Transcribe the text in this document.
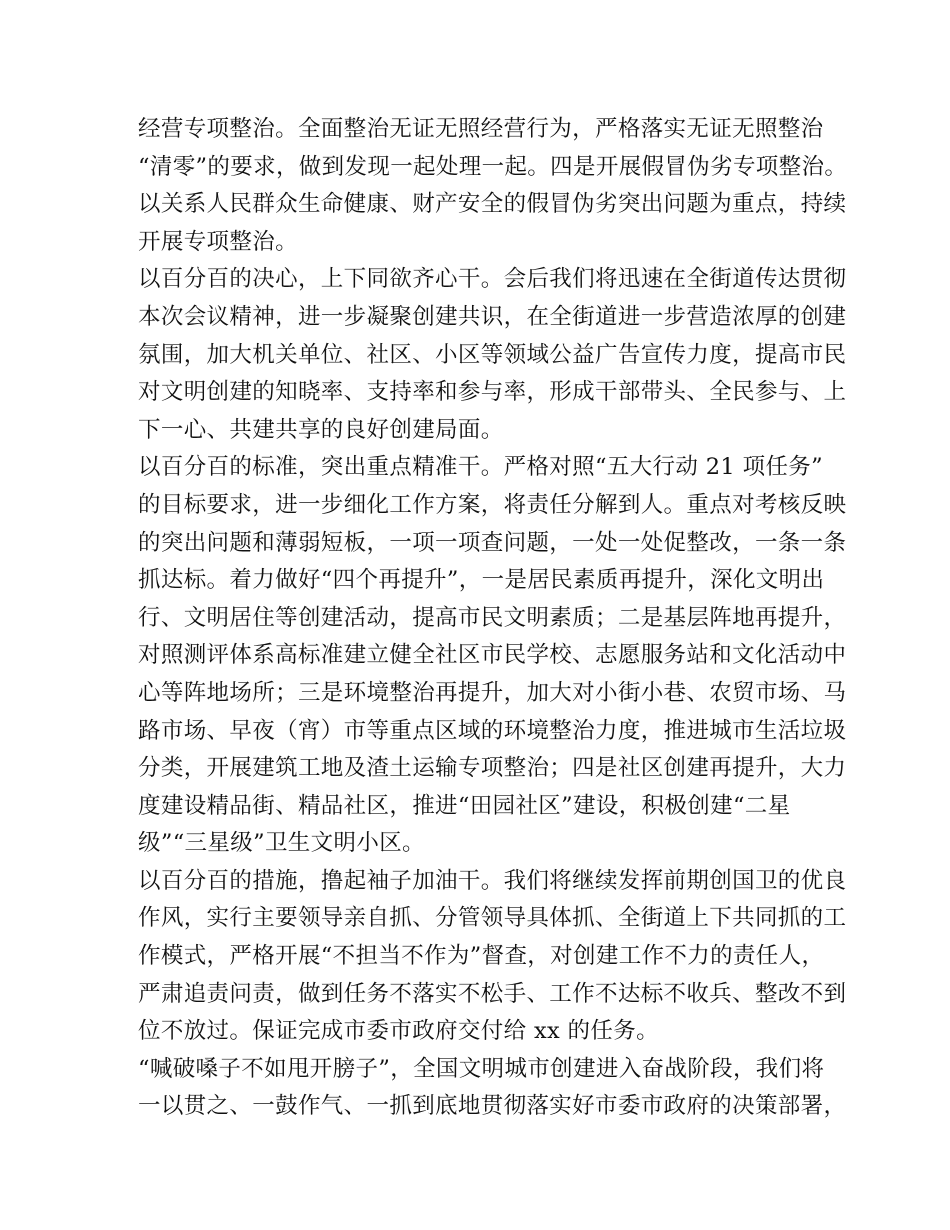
经营专项整治。全面整治无证无照经营行为，严格落实无证无照整治
“清零”的要求，做到发现一起处理一起。四是开展假冒伪劣专项整治。
以关系人民群众生命健康、财产安全的假冒伪劣突出问题为重点，持续
开展专项整治。
以百分百的决心，上下同欲齐心干。会后我们将迅速在全街道传达贯彻
本次会议精神，进一步凝聚创建共识，在全街道进一步营造浓厚的创建
氛围，加大机关单位、社区、小区等领域公益广告宣传力度，提高市民
对文明创建的知晓率、支持率和参与率，形成干部带头、全民参与、上
下一心、共建共享的良好创建局面。
以百分百的标准，突出重点精准干。严格对照“五大行动 21 项任务”
的目标要求，进一步细化工作方案，将责任分解到人。重点对考核反映
的突出问题和薄弱短板，一项一项查问题，一处一处促整改，一条一条
抓达标。着力做好“四个再提升”，一是居民素质再提升，深化文明出
行、文明居住等创建活动，提高市民文明素质；二是基层阵地再提升，
对照测评体系高标准建立健全社区市民学校、志愿服务站和文化活动中
心等阵地场所；三是环境整治再提升，加大对小街小巷、农贸市场、马
路市场、早夜（宵）市等重点区域的环境整治力度，推进城市生活垃圾
分类，开展建筑工地及渣土运输专项整治；四是社区创建再提升，大力
度建设精品街、精品社区，推进“田园社区”建设，积极创建“二星
级”“三星级”卫生文明小区。
以百分百的措施，撸起袖子加油干。我们将继续发挥前期创国卫的优良
作风，实行主要领导亲自抓、分管领导具体抓、全街道上下共同抓的工
作模式，严格开展“不担当不作为”督查，对创建工作不力的责任人，
严肃追责问责，做到任务不落实不松手、工作不达标不收兵、整改不到
位不放过。保证完成市委市政府交付给 xx 的任务。
“喊破嗓子不如甩开膀子”，全国文明城市创建进入奋战阶段，我们将
一以贯之、一鼓作气、一抓到底地贯彻落实好市委市政府的决策部署，
